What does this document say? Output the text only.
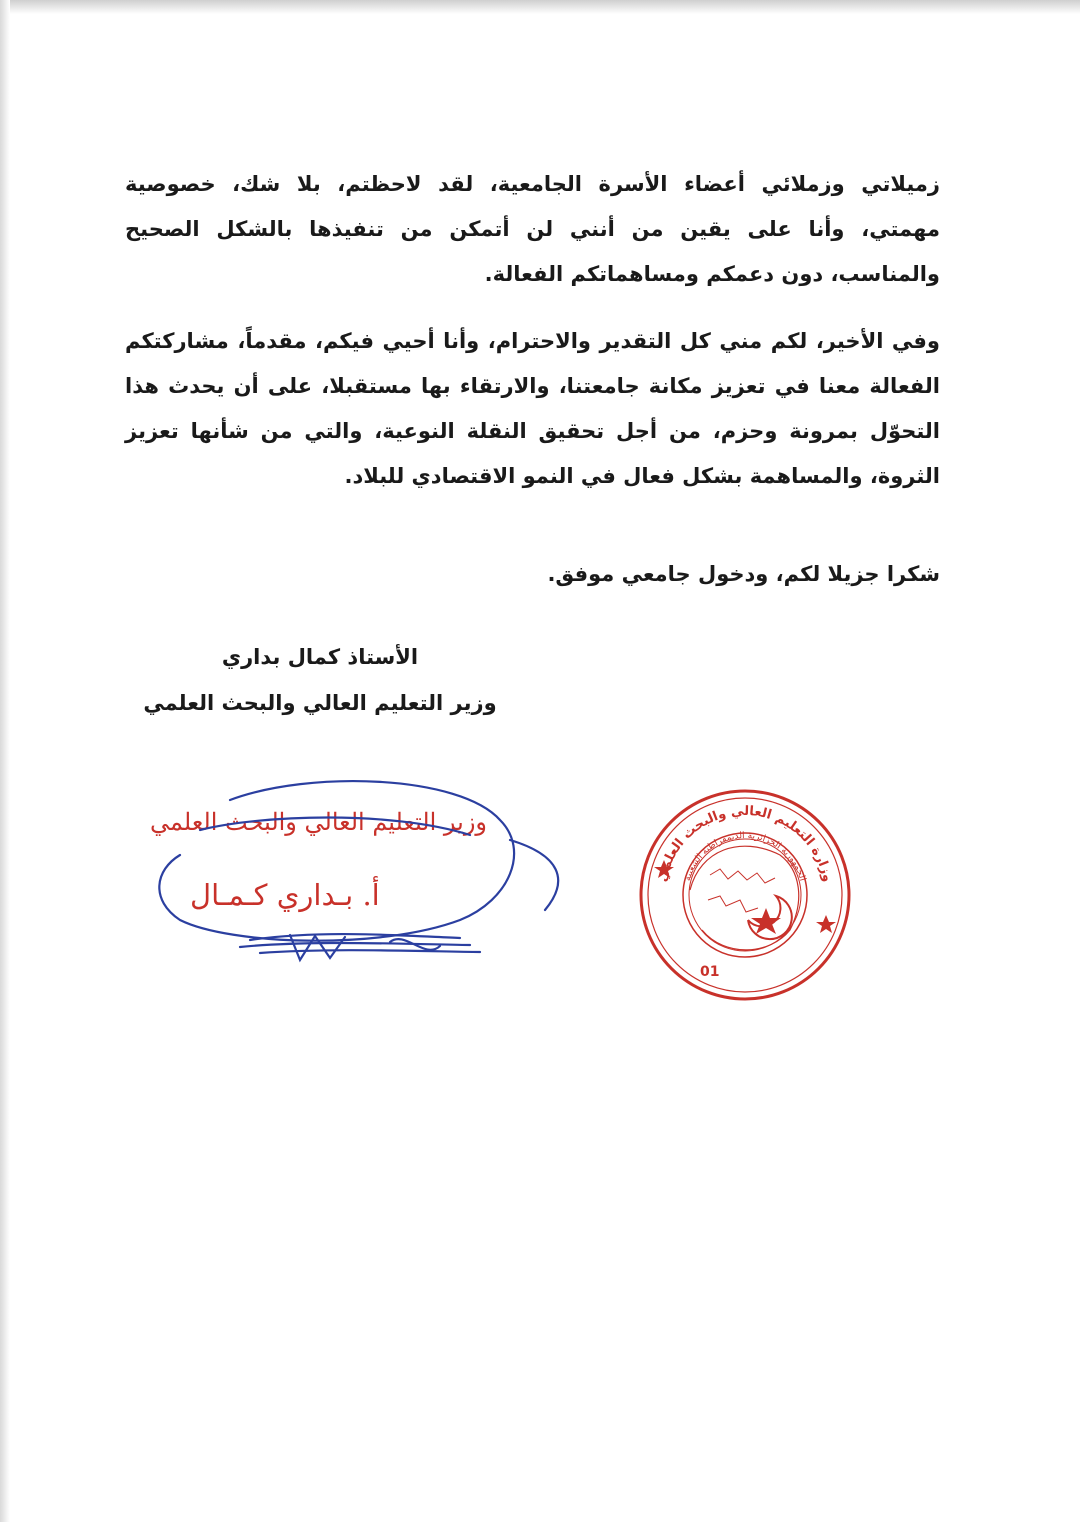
زميلاتي وزملائي أعضاء الأسرة الجامعية، لقد لاحظتم، بلا شك، خصوصية مهمتي، وأنا على يقين من أنني لن أتمكن من تنفيذها بالشكل الصحيح والمناسب، دون دعمكم ومساهماتكم الفعالة.

وفي الأخير، لكم مني كل التقدير والاحترام، وأنا أحيي فيكم، مقدماً، مشاركتكم الفعالة معنا في تعزيز مكانة جامعتنا، والارتقاء بها مستقبلا، على أن يحدث هذا التحوّل بمرونة وحزم، من أجل تحقيق النقلة النوعية، والتي من شأنها تعزيز الثروة، والمساهمة بشكل فعال في النمو الاقتصادي للبلاد.

شكرا جزيلا لكم، ودخول جامعي موفق.

الأستاذ كمال بداري
وزير التعليم العالي والبحث العلمي
وزير التعليم العالي والبحث العلمي
أ. بـداري كـمـال
وزارة التعليم العالي والبحث العلمي
الجمهورية الجزائرية الديمقراطية الشعبية
01
